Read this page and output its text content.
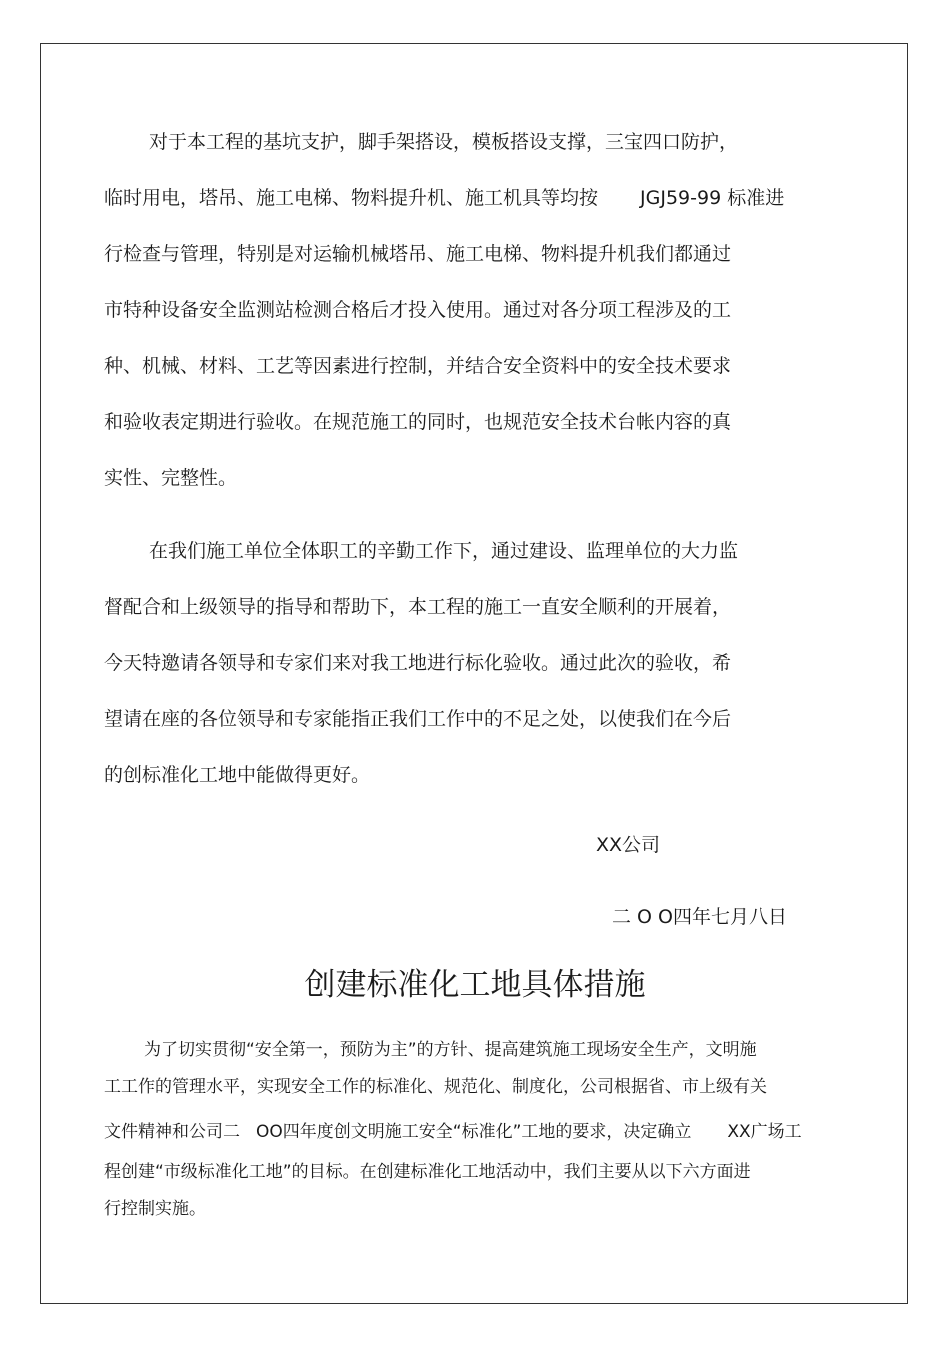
对于本工程的基坑支护，脚手架搭设，模板搭设支撑，三宝四口防护，
临时用电，塔吊、施工电梯、物料提升机、施工机具等均按 JGJ59-99 标准进
行检查与管理，特别是对运输机械塔吊、施工电梯、物料提升机我们都通过
市特种设备安全监测站检测合格后才投入使用。通过对各分项工程涉及的工
种、机械、材料、工艺等因素进行控制，并结合安全资料中的安全技术要求
和验收表定期进行验收。在规范施工的同时，也规范安全技术台帐内容的真
实性、完整性。
在我们施工单位全体职工的辛勤工作下，通过建设、监理单位的大力监
督配合和上级领导的指导和帮助下，本工程的施工一直安全顺利的开展着，
今天特邀请各领导和专家们来对我工地进行标化验收。通过此次的验收，希
望请在座的各位领导和专家能指正我们工作中的不足之处，以使我们在今后
的创标准化工地中能做得更好。
XX公司
二 O O四年七月八日
创建标准化工地具体措施
为了切实贯彻“安全第一，预防为主”的方针、提高建筑施工现场安全生产，文明施
工工作的管理水平，实现安全工作的标准化、规范化、制度化，公司根据省、市上级有关
文件精神和公司二 OO四年度创文明施工安全“标准化”工地的要求，决定确立 XX广场工
程创建“市级标准化工地”的目标。在创建标准化工地活动中，我们主要从以下六方面进
行控制实施。
